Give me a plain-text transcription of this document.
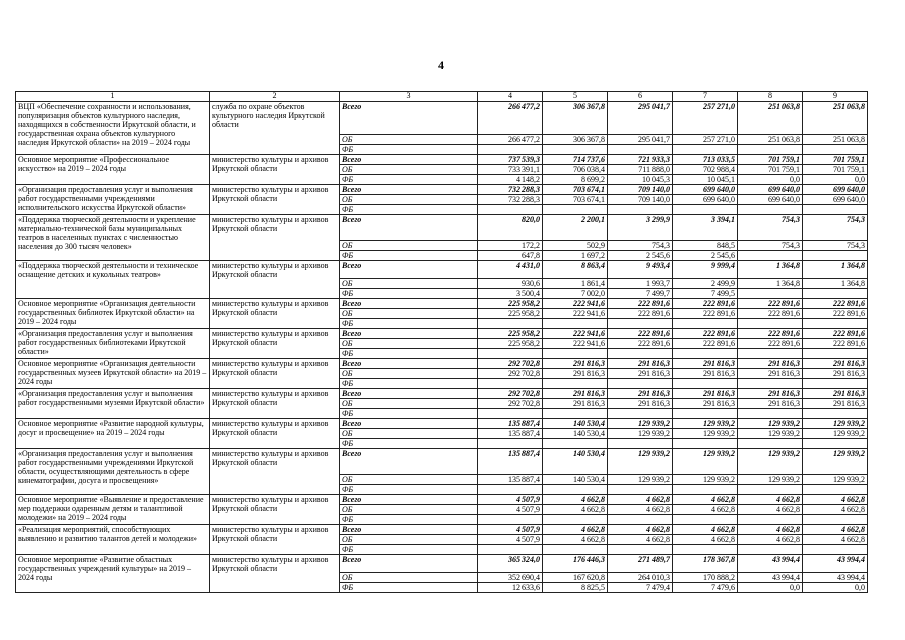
4
1	2	3	4	5	6	7	8	9
ВЦП «Обеспечение сохранности и использования, популяризация объектов культурного наследия, находящихся в собственности Иркутской области, и государственная охрана объектов культурного наследия Иркутской области» на 2019 – 2024 годы	служба по охране объектов культурного наследия Иркутской области	Всего	266 477,2	306 367,8	295 041,7	257 271,0	251 063,8	251 063,8
		ОБ	266 477,2	306 367,8	295 041,7	257 271,0	251 063,8	251 063,8
		ФБ						
Основное мероприятие «Профессиональное искусство» на 2019 – 2024 годы	министерство культуры и архивов Иркутской области	Всего	737 539,3	714 737,6	721 933,3	713 033,5	701 759,1	701 759,1
		ОБ	733 391,1	706 038,4	711 888,0	702 988,4	701 759,1	701 759,1
		ФБ	4 148,2	8 699,2	10 045,3	10 045,1	0,0	0,0
«Организация предоставления услуг и выполнения работ государственными учреждениями исполнительского искусства Иркутской области»	министерство культуры и архивов Иркутской области	Всего	732 288,3	703 674,1	709 140,0	699 640,0	699 640,0	699 640,0
		ОБ	732 288,3	703 674,1	709 140,0	699 640,0	699 640,0	699 640,0
		ФБ						
«Поддержка творческой деятельности и укрепление материально-технической базы муниципальных театров в населенных пунктах с численностью населения до 300 тысяч человек»	министерство культуры и архивов Иркутской области	Всего	820,0	2 200,1	3 299,9	3 394,1	754,3	754,3
		ОБ	172,2	502,9	754,3	848,5	754,3	754,3
		ФБ	647,8	1 697,2	2 545,6	2 545,6		
«Поддержка творческой деятельности и техническое оснащение детских и кукольных театров»	министерство культуры и архивов Иркутской области	Всего	4 431,0	8 863,4	9 493,4	9 999,4	1 364,8	1 364,8
		ОБ	930,6	1 861,4	1 993,7	2 499,9	1 364,8	1 364,8
		ФБ	3 500,4	7 002,0	7 499,7	7 499,5		
Основное мероприятие «Организация деятельности государственных библиотек Иркутской области» на 2019 – 2024 годы	министерство культуры и архивов Иркутской области	Всего	225 958,2	222 941,6	222 891,6	222 891,6	222 891,6	222 891,6
		ОБ	225 958,2	222 941,6	222 891,6	222 891,6	222 891,6	222 891,6
		ФБ						
«Организация предоставления услуг и выполнения работ государственных библиотеками Иркутской области»	министерство культуры и архивов Иркутской области	Всего	225 958,2	222 941,6	222 891,6	222 891,6	222 891,6	222 891,6
		ОБ	225 958,2	222 941,6	222 891,6	222 891,6	222 891,6	222 891,6
		ФБ						
Основное мероприятие «Организация деятельности государственных музеев Иркутской области» на 2019 – 2024 годы	министерство культуры и архивов Иркутской области	Всего	292 702,8	291 816,3	291 816,3	291 816,3	291 816,3	291 816,3
		ОБ	292 702,8	291 816,3	291 816,3	291 816,3	291 816,3	291 816,3
		ФБ						
«Организация предоставления услуг и выполнения работ государственными музеями Иркутской области»	министерство культуры и архивов Иркутской области	Всего	292 702,8	291 816,3	291 816,3	291 816,3	291 816,3	291 816,3
		ОБ	292 702,8	291 816,3	291 816,3	291 816,3	291 816,3	291 816,3
		ФБ						
Основное мероприятие «Развитие народной культуры, досуг и просвещение» на 2019 – 2024 годы	министерство культуры и архивов Иркутской области	Всего	135 887,4	140 530,4	129 939,2	129 939,2	129 939,2	129 939,2
		ОБ	135 887,4	140 530,4	129 939,2	129 939,2	129 939,2	129 939,2
		ФБ						
«Организация предоставления услуг и выполнения работ государственными учреждениями Иркутской области, осуществляющими деятельность в сфере кинематографии, досуга и просвещения»	министерство культуры и архивов Иркутской области	Всего	135 887,4	140 530,4	129 939,2	129 939,2	129 939,2	129 939,2
		ОБ	135 887,4	140 530,4	129 939,2	129 939,2	129 939,2	129 939,2
		ФБ						
Основное мероприятие «Выявление и предоставление мер поддержки одаренным детям и талантливой молодежи» на 2019 – 2024 годы	министерство культуры и архивов Иркутской области	Всего	4 507,9	4 662,8	4 662,8	4 662,8	4 662,8	4 662,8
		ОБ	4 507,9	4 662,8	4 662,8	4 662,8	4 662,8	4 662,8
		ФБ						
«Реализация мероприятий, способствующих выявлению и развитию талантов детей и молодежи»	министерство культуры и архивов Иркутской области	Всего	4 507,9	4 662,8	4 662,8	4 662,8	4 662,8	4 662,8
		ОБ	4 507,9	4 662,8	4 662,8	4 662,8	4 662,8	4 662,8
		ФБ						
Основное мероприятие «Развитие областных государственных учреждений культуры» на 2019 – 2024 годы	министерство культуры и архивов Иркутской области	Всего	365 324,0	176 446,3	271 489,7	178 367,8	43 994,4	43 994,4
		ОБ	352 690,4	167 620,8	264 010,3	170 888,2	43 994,4	43 994,4
		ФБ	12 633,6	8 825,5	7 479,4	7 479,6	0,0	0,0
